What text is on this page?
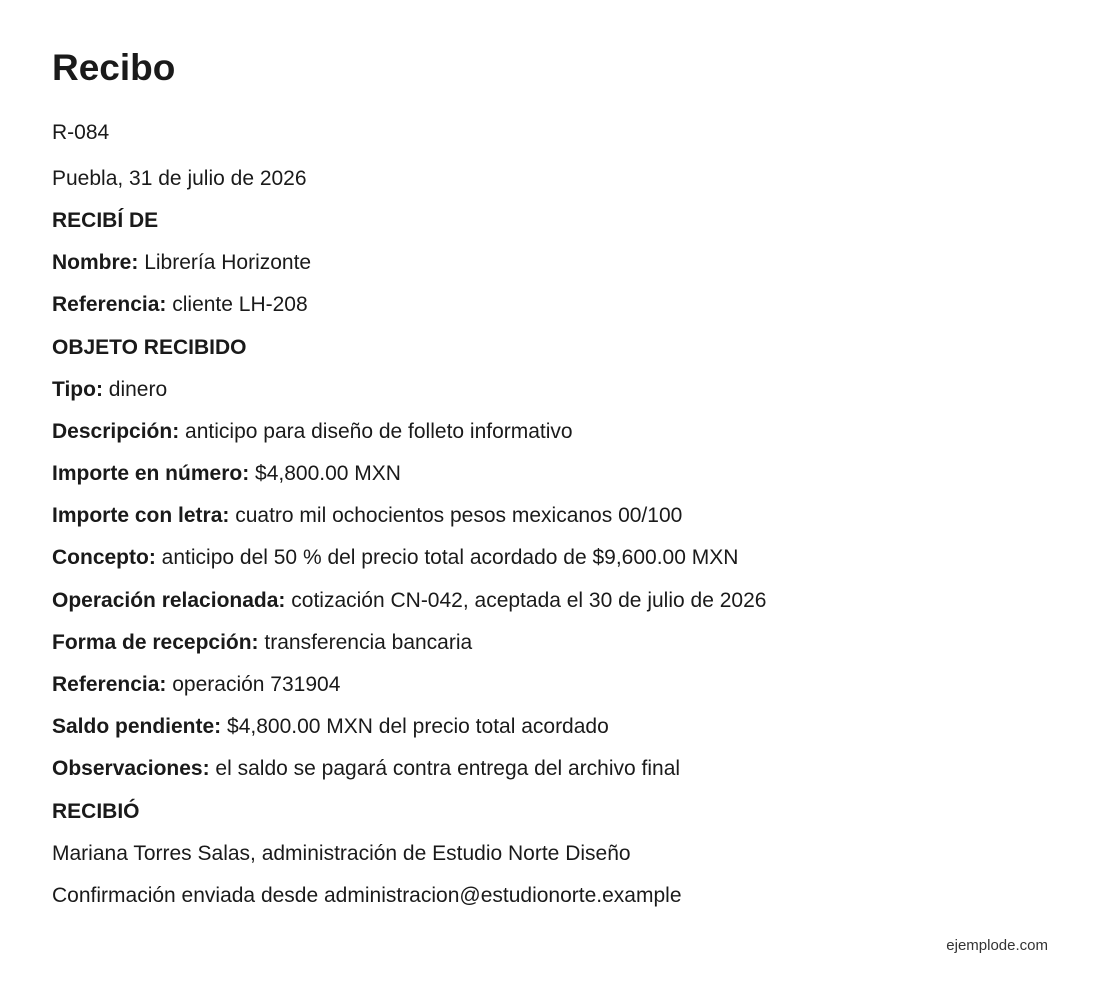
Recibo

R-084

Puebla, 31 de julio de 2026

RECIBÍ DE

Nombre: Librería Horizonte

Referencia: cliente LH-208

OBJETO RECIBIDO

Tipo: dinero

Descripción: anticipo para diseño de folleto informativo

Importe en número: $4,800.00 MXN

Importe con letra: cuatro mil ochocientos pesos mexicanos 00/100

Concepto: anticipo del 50 % del precio total acordado de $9,600.00 MXN

Operación relacionada: cotización CN-042, aceptada el 30 de julio de 2026

Forma de recepción: transferencia bancaria

Referencia: operación 731904

Saldo pendiente: $4,800.00 MXN del precio total acordado

Observaciones: el saldo se pagará contra entrega del archivo final

RECIBIÓ

Mariana Torres Salas, administración de Estudio Norte Diseño

Confirmación enviada desde administracion@estudionorte.example

ejemplode.com
